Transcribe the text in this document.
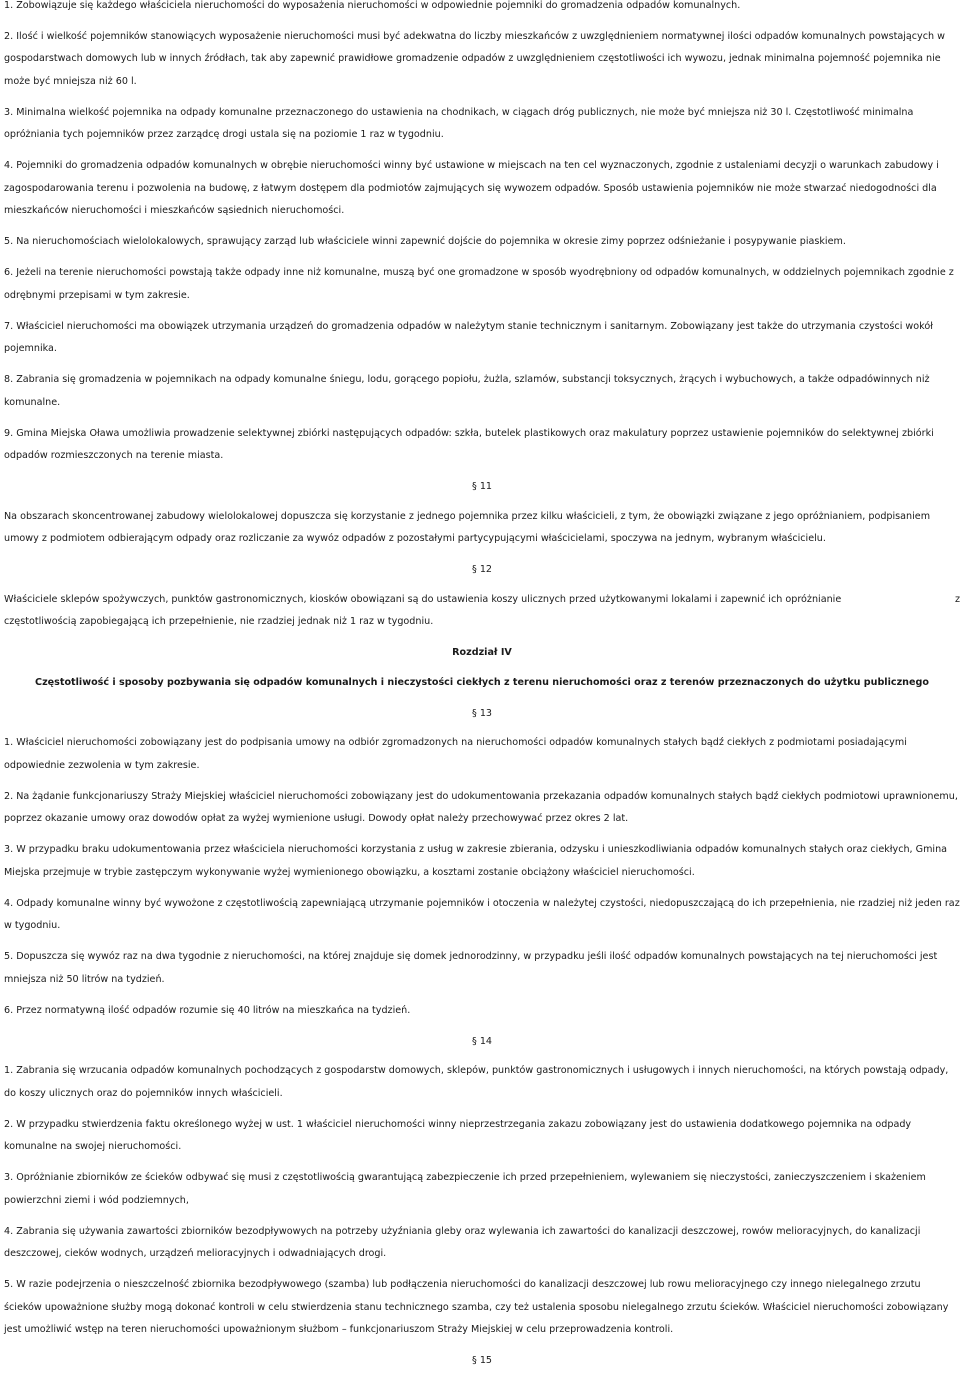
1. Zobowiązuje się każdego właściciela nieruchomości do wyposażenia nieruchomości w odpowiednie pojemniki do gromadzenia odpadów komunalnych.

2. Ilość i wielkość pojemników stanowiących wyposażenie nieruchomości musi być adekwatna do liczby mieszkańców z uwzględnieniem normatywnej ilości odpadów komunalnych powstających w gospodarstwach domowych lub w innych źródłach, tak aby zapewnić prawidłowe gromadzenie odpadów z uwzględnieniem częstotliwości ich wywozu, jednak minimalna pojemność pojemnika nie może być mniejsza niż 60 l.

3. Minimalna wielkość pojemnika na odpady komunalne przeznaczonego do ustawienia na chodnikach, w ciągach dróg publicznych, nie może być mniejsza niż 30 l. Częstotliwość minimalna opróżniania tych pojemników przez zarządcę drogi ustala się na poziomie 1 raz w tygodniu.

4. Pojemniki do gromadzenia odpadów komunalnych w obrębie nieruchomości winny być ustawione w miejscach na ten cel wyznaczonych, zgodnie z ustaleniami decyzji o warunkach zabudowy i zagospodarowania terenu i pozwolenia na budowę, z łatwym dostępem dla podmiotów zajmujących się wywozem odpadów. Sposób ustawienia pojemników nie może stwarzać niedogodności dla mieszkańców nieruchomości i mieszkańców sąsiednich nieruchomości.

5. Na nieruchomościach wielolokalowych, sprawujący zarząd lub właściciele winni zapewnić dojście do pojemnika w okresie zimy poprzez odśnieżanie i posypywanie piaskiem.

6. Jeżeli na terenie nieruchomości powstają także odpady inne niż komunalne, muszą być one gromadzone w sposób wyodrębniony od odpadów komunalnych, w oddzielnych pojemnikach zgodnie z odrębnymi przepisami w tym zakresie.

7. Właściciel nieruchomości ma obowiązek utrzymania urządzeń do gromadzenia odpadów w należytym stanie technicznym i sanitarnym. Zobowiązany jest także do utrzymania czystości wokół pojemnika.

8. Zabrania się gromadzenia w pojemnikach na odpady komunalne śniegu, lodu, gorącego popiołu, żużla, szlamów, substancji toksycznych, żrących i wybuchowych, a także odpadówinnych niż komunalne.

9. Gmina Miejska Oława umożliwia prowadzenie selektywnej zbiórki następujących odpadów: szkła, butelek plastikowych oraz makulatury poprzez ustawienie pojemników do selektywnej zbiórki odpadów rozmieszczonych na terenie miasta.

§ 11

Na obszarach skoncentrowanej zabudowy wielolokalowej dopuszcza się korzystanie z jednego pojemnika przez kilku właścicieli, z tym, że obowiązki związane z jego opróżnianiem, podpisaniem umowy z podmiotem odbierającym odpady oraz rozliczanie za wywóz odpadów z pozostałymi partycypującymi właścicielami, spoczywa na jednym, wybranym właścicielu.

§ 12

Właściciele sklepów spożywczych, punktów gastronomicznych, kiosków obowiązani są do ustawienia koszy ulicznych przed użytkowanymi lokalami i zapewnić ich opróżnianie	z
częstotliwością zapobiegającą ich przepełnienie, nie rzadziej jednak niż 1 raz w tygodniu.

Rozdział IV
Częstotliwość i sposoby pozbywania się odpadów komunalnych i nieczystości ciekłych z terenu nieruchomości oraz z terenów przeznaczonych do użytku publicznego
§ 13

1. Właściciel nieruchomości zobowiązany jest do podpisania umowy na odbiór zgromadzonych na nieruchomości odpadów komunalnych stałych bądź ciekłych z podmiotami posiadającymi odpowiednie zezwolenia w tym zakresie.

2. Na żądanie funkcjonariuszy Straży Miejskiej właściciel nieruchomości zobowiązany jest do udokumentowania przekazania odpadów komunalnych stałych bądź ciekłych podmiotowi uprawnionemu, poprzez okazanie umowy oraz dowodów opłat za wyżej wymienione usługi. Dowody opłat należy przechowywać przez okres 2 lat.

3. W przypadku braku udokumentowania przez właściciela nieruchomości korzystania z usług w zakresie zbierania, odzysku i unieszkodliwiania odpadów komunalnych stałych oraz ciekłych, Gmina Miejska przejmuje w trybie zastępczym wykonywanie wyżej wymienionego obowiązku, a kosztami zostanie obciążony właściciel nieruchomości.

4. Odpady komunalne winny być wywożone z częstotliwością zapewniającą utrzymanie pojemników i otoczenia w należytej czystości, niedopuszczającą do ich przepełnienia, nie rzadziej niż jeden raz w tygodniu.

5. Dopuszcza się wywóz raz na dwa tygodnie z nieruchomości, na której znajduje się domek jednorodzinny, w przypadku jeśli ilość odpadów komunalnych powstających na tej nieruchomości jest mniejsza niż 50 litrów na tydzień.

6. Przez normatywną ilość odpadów rozumie się 40 litrów na mieszkańca na tydzień.

§ 14

1. Zabrania się wrzucania odpadów komunalnych pochodzących z gospodarstw domowych, sklepów, punktów gastronomicznych i usługowych i innych nieruchomości, na których powstają odpady, do koszy ulicznych oraz do pojemników innych właścicieli.

2. W przypadku stwierdzenia faktu określonego wyżej w ust. 1 właściciel nieruchomości winny nieprzestrzegania zakazu zobowiązany jest do ustawienia dodatkowego pojemnika na odpady komunalne na swojej nieruchomości.

3. Opróżnianie zbiorników ze ścieków odbywać się musi z częstotliwością gwarantującą zabezpieczenie ich przed przepełnieniem, wylewaniem się nieczystości, zanieczyszczeniem i skażeniem powierzchni ziemi i wód podziemnych,

4. Zabrania się używania zawartości zbiorników bezodpływowych na potrzeby użyźniania gleby oraz wylewania ich zawartości do kanalizacji deszczowej, rowów melioracyjnych, do kanalizacji deszczowej, cieków wodnych, urządzeń melioracyjnych i odwadniających drogi.

5. W razie podejrzenia o nieszczelność zbiornika bezodpływowego (szamba) lub podłączenia nieruchomości do kanalizacji deszczowej lub rowu melioracyjnego czy innego nielegalnego zrzutu ścieków upoważnione służby mogą dokonać kontroli w celu stwierdzenia stanu technicznego szamba, czy też ustalenia sposobu nielegalnego zrzutu ścieków. Właściciel nieruchomości zobowiązany jest umożliwić wstęp na teren nieruchomości upoważnionym służbom – funkcjonariuszom Straży Miejskiej w celu przeprowadzenia kontroli.

§ 15
